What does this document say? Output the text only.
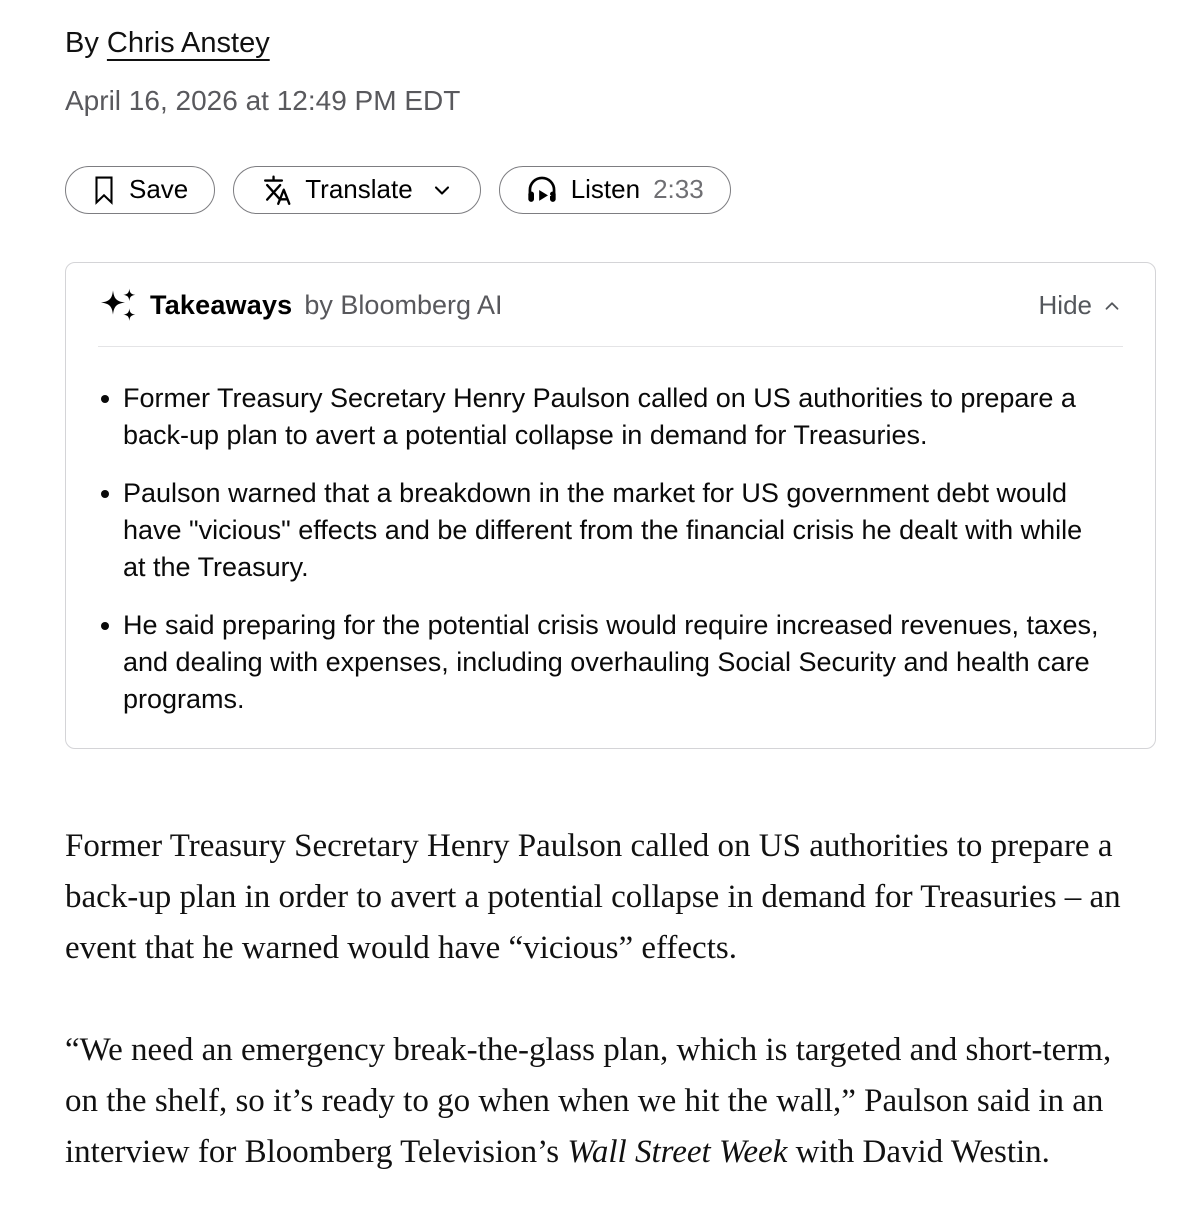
By Chris Anstey
April 16, 2026 at 12:49 PM EDT
Save	Translate	Listen 2:33
Takeaways by Bloomberg AI	Hide
Former Treasury Secretary Henry Paulson called on US authorities to prepare a back-up plan to avert a potential collapse in demand for Treasuries.
Paulson warned that a breakdown in the market for US government debt would have "vicious" effects and be different from the financial crisis he dealt with while at the Treasury.
He said preparing for the potential crisis would require increased revenues, taxes, and dealing with expenses, including overhauling Social Security and health care programs.

Former Treasury Secretary Henry Paulson called on US authorities to prepare a back-up plan in order to avert a potential collapse in demand for Treasuries – an event that he warned would have “vicious” effects.

“We need an emergency break-the-glass plan, which is targeted and short-term, on the shelf, so it’s ready to go when when we hit the wall,” Paulson said in an interview for Bloomberg Television’s Wall Street Week with David Westin.
